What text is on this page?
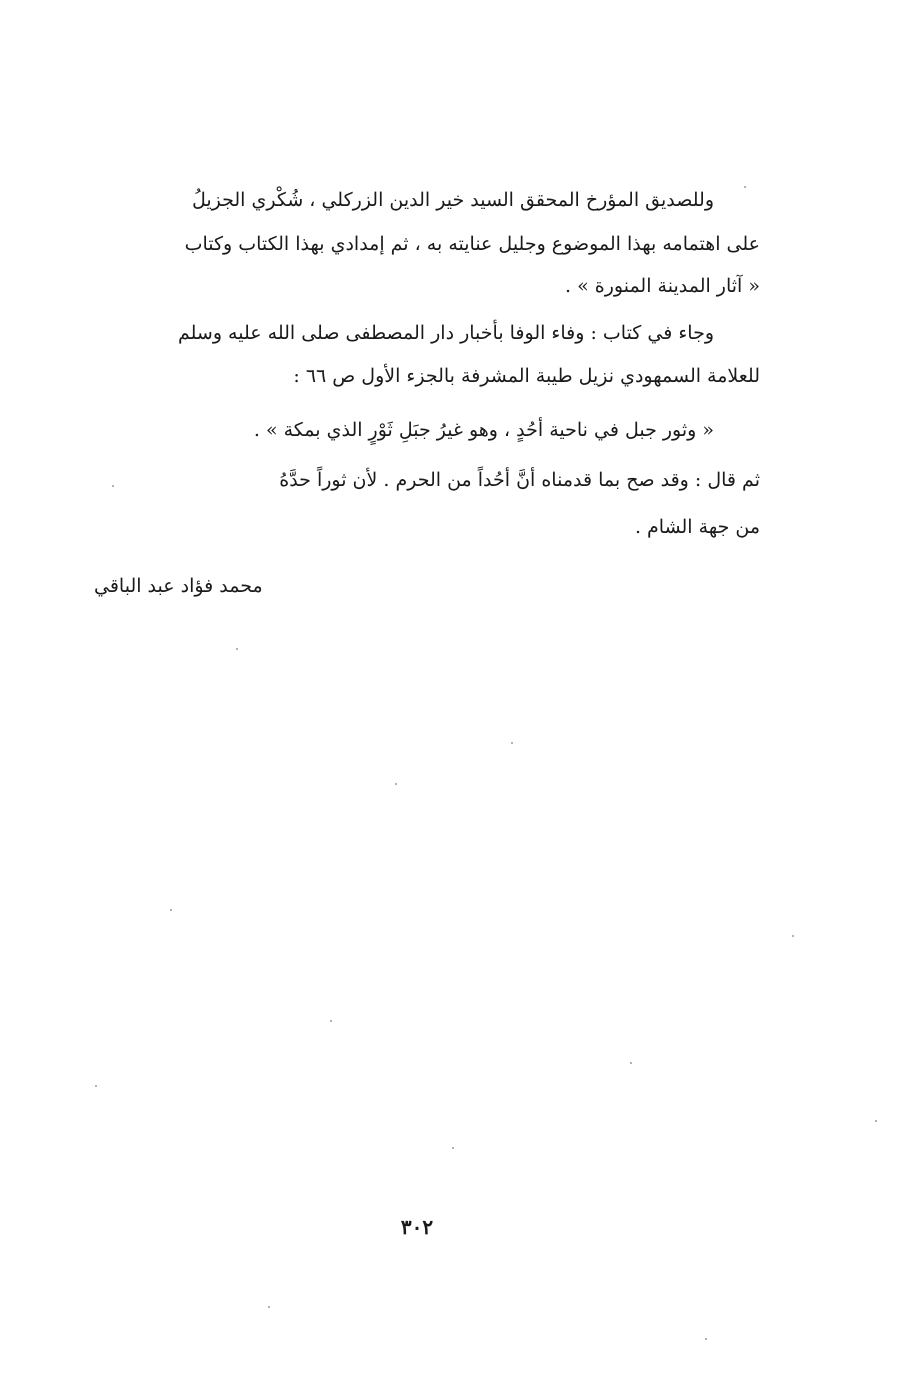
وللصديق المؤرخ المحقق السيد خير الدين الزركلي ، شُكْري الجزيلُ
على اهتمامه بهذا الموضوع وجليل عنايته به ، ثم إمدادي بهذا الكتاب وكتاب
« آثار المدينة المنورة » .
وجاء في كتاب : وفاء الوفا بأخبار دار المصطفى صلى الله عليه وسلم
للعلامة السمهودي نزيل طيبة المشرفة بالجزء الأول ص ٦٦ :
« وثور جبل في ناحية أحُدٍ ، وهو غيرُ جبَلِ ثَوْرٍ الذي بمكة » .
ثم قال : وقد صح بما قدمناه أنَّ أحُداً من الحرم . لأن ثوراً حدَّهُ
من جهة الشام .
محمد فؤاد عبد الباقي
٣٠٢
